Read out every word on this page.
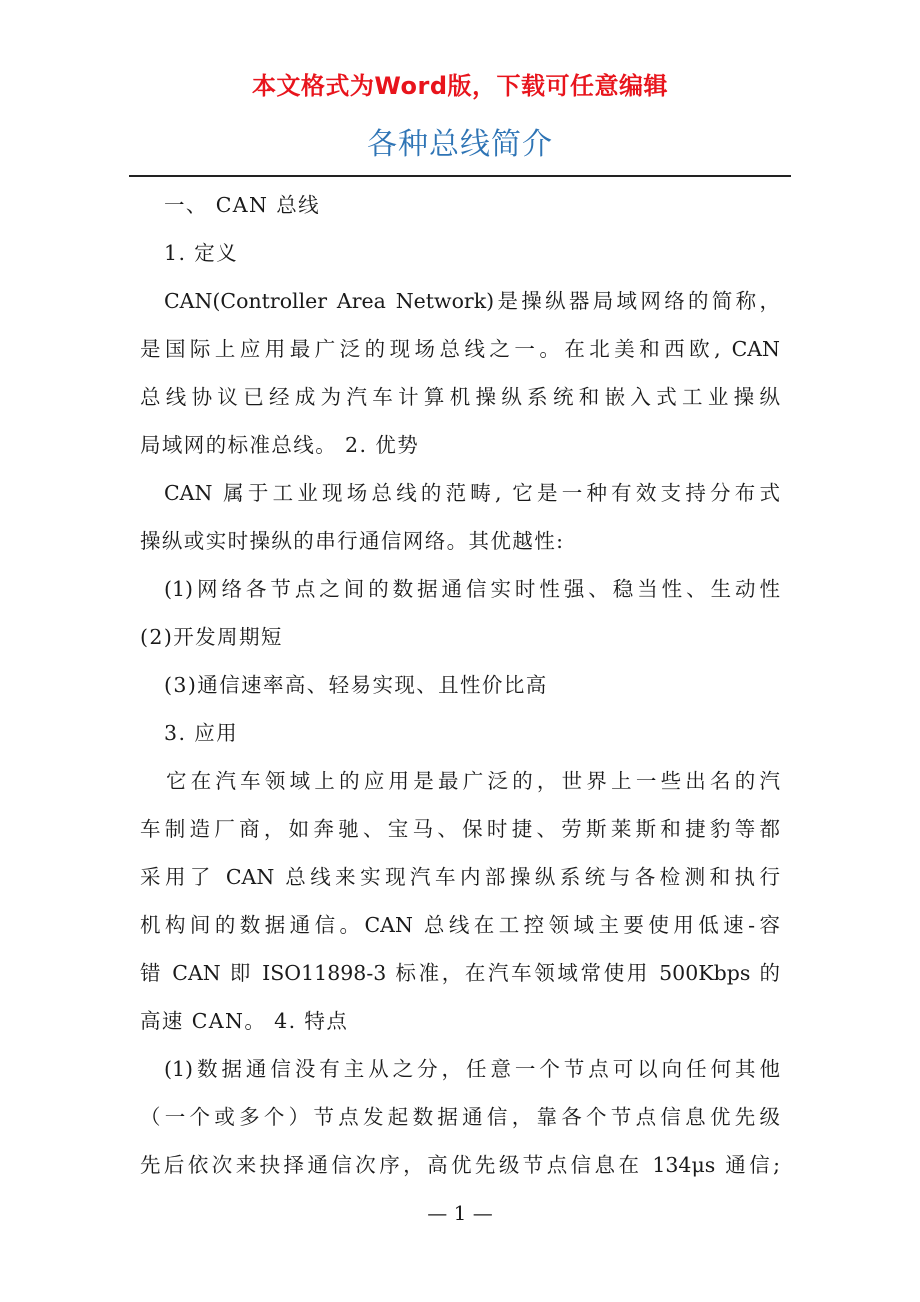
本文格式为Word版，下载可任意编辑
各种总线简介
一、 CAN 总线
1. 定义
CAN(Controller Area Network)是操纵器局域网络的简称，
是国际上应用最广泛的现场总线之一。在北美和西欧, CAN
总线协议已经成为汽车计算机操纵系统和嵌入式工业操纵
局域网的标准总线。 2. 优势
CAN 属于工业现场总线的范畴, 它是一种有效支持分布式
操纵或实时操纵的串行通信网络。其优越性:
(1)网络各节点之间的数据通信实时性强、稳当性、生动性
(2)开发周期短
(3)通信速率高、轻易实现、且性价比高
3. 应用
它在汽车领域上的应用是最广泛的，世界上一些出名的汽
车制造厂商，如奔驰、宝马、保时捷、劳斯莱斯和捷豹等都
采用了 CAN 总线来实现汽车内部操纵系统与各检测和执行
机构间的数据通信。CAN 总线在工控领域主要使用低速-容
错 CAN 即 ISO11898-3 标准，在汽车领域常使用 500Kbps 的
高速 CAN。 4. 特点
(1)数据通信没有主从之分，任意一个节点可以向任何其他
（一个或多个）节点发起数据通信，靠各个节点信息优先级
先后依次来抉择通信次序，高优先级节点信息在 134μs 通信;
— 1 —
